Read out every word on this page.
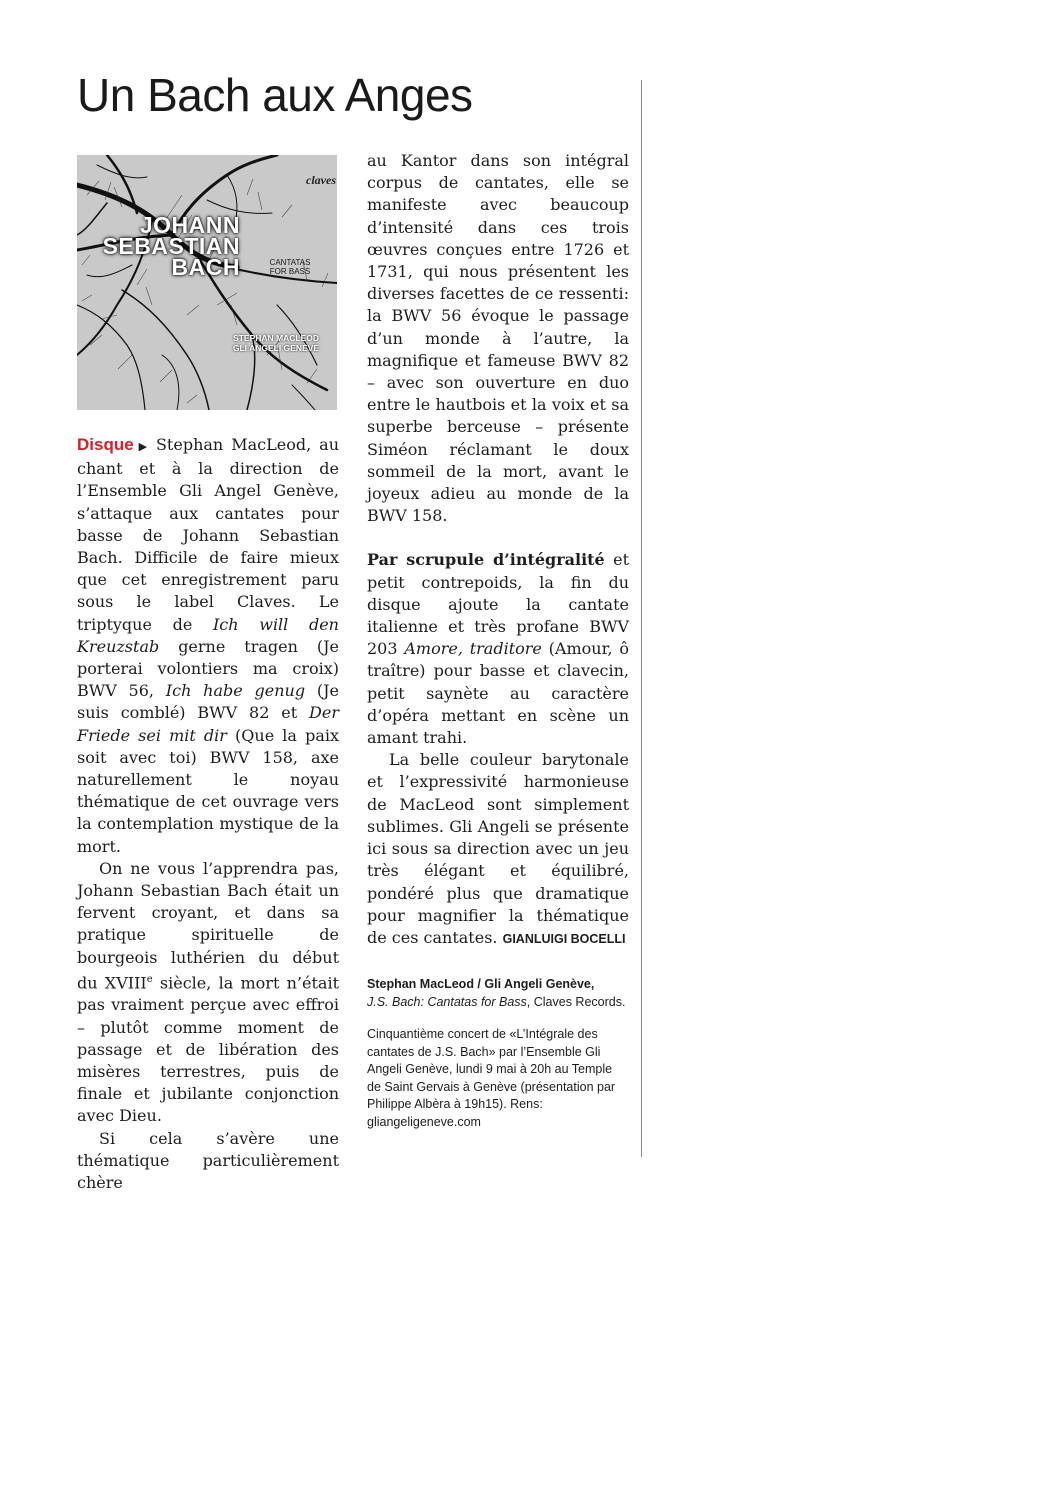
Un Bach aux Anges
claves
JOHANN
SEBASTIAN
BACH	CANTATAS
FOR BASS
STEPHAN MACLEOD
GLI ANGELI GENÈVE

Disque ▶ Stephan MacLeod, au chant et à la direction de l’Ensemble Gli Angel Genève, s’attaque aux cantates pour basse de Johann Sebastian Bach. Difficile de faire mieux que cet enregistrement paru sous le label Claves. Le triptyque de Ich will den Kreuzstab gerne tragen (Je porterai volontiers ma croix) BWV 56, Ich habe genug (Je suis comblé) BWV 82 et Der Friede sei mit dir (Que la paix soit avec toi) BWV 158, axe naturellement le noyau thématique de cet ouvrage vers la contemplation mystique de la mort.

On ne vous l’apprendra pas, Johann Sebastian Bach était un fervent croyant, et dans sa pratique spirituelle de bourgeois luthérien du début du XVIIIe siècle, la mort n’était pas vraiment perçue avec effroi – plutôt comme moment de passage et de libération des misères terrestres, puis de finale et jubilante conjonction avec Dieu.

Si cela s’avère une thématique particulièrement chère

au Kantor dans son intégral corpus de cantates, elle se manifeste avec beaucoup d’intensité dans ces trois œuvres conçues entre 1726 et 1731, qui nous présentent les diverses facettes de ce ressenti: la BWV 56 évoque le passage d’un monde à l’autre, la magnifique et fameuse BWV 82 – avec son ouverture en duo entre le hautbois et la voix et sa superbe berceuse – présente Siméon réclamant le doux sommeil de la mort, avant le joyeux adieu au monde de la BWV 158.

Par scrupule d’intégralité et petit contrepoids, la fin du disque ajoute la cantate italienne et très profane BWV 203 Amore, traditore (Amour, ô traître) pour basse et clavecin, petit saynète au caractère d’opéra mettant en scène un amant trahi.

La belle couleur barytonale et l’expressivité harmonieuse de MacLeod sont simplement sublimes. Gli Angeli se présente ici sous sa direction avec un jeu très élégant et équilibré, pondéré plus que dramatique pour magnifier la thématique de ces cantates. GIANLUIGI BOCELLI

Stephan MacLeod / Gli Angeli Genève,
J.S. Bach: Cantatas for Bass, Claves Records.

Cinquantième concert de «L’Intégrale des cantates de J.S. Bach» par l’Ensemble Gli Angeli Genève, lundi 9 mai à 20h au Temple de Saint Gervais à Genève (présentation par Philippe Albèra à 19h15). Rens: gliangeligeneve.com
